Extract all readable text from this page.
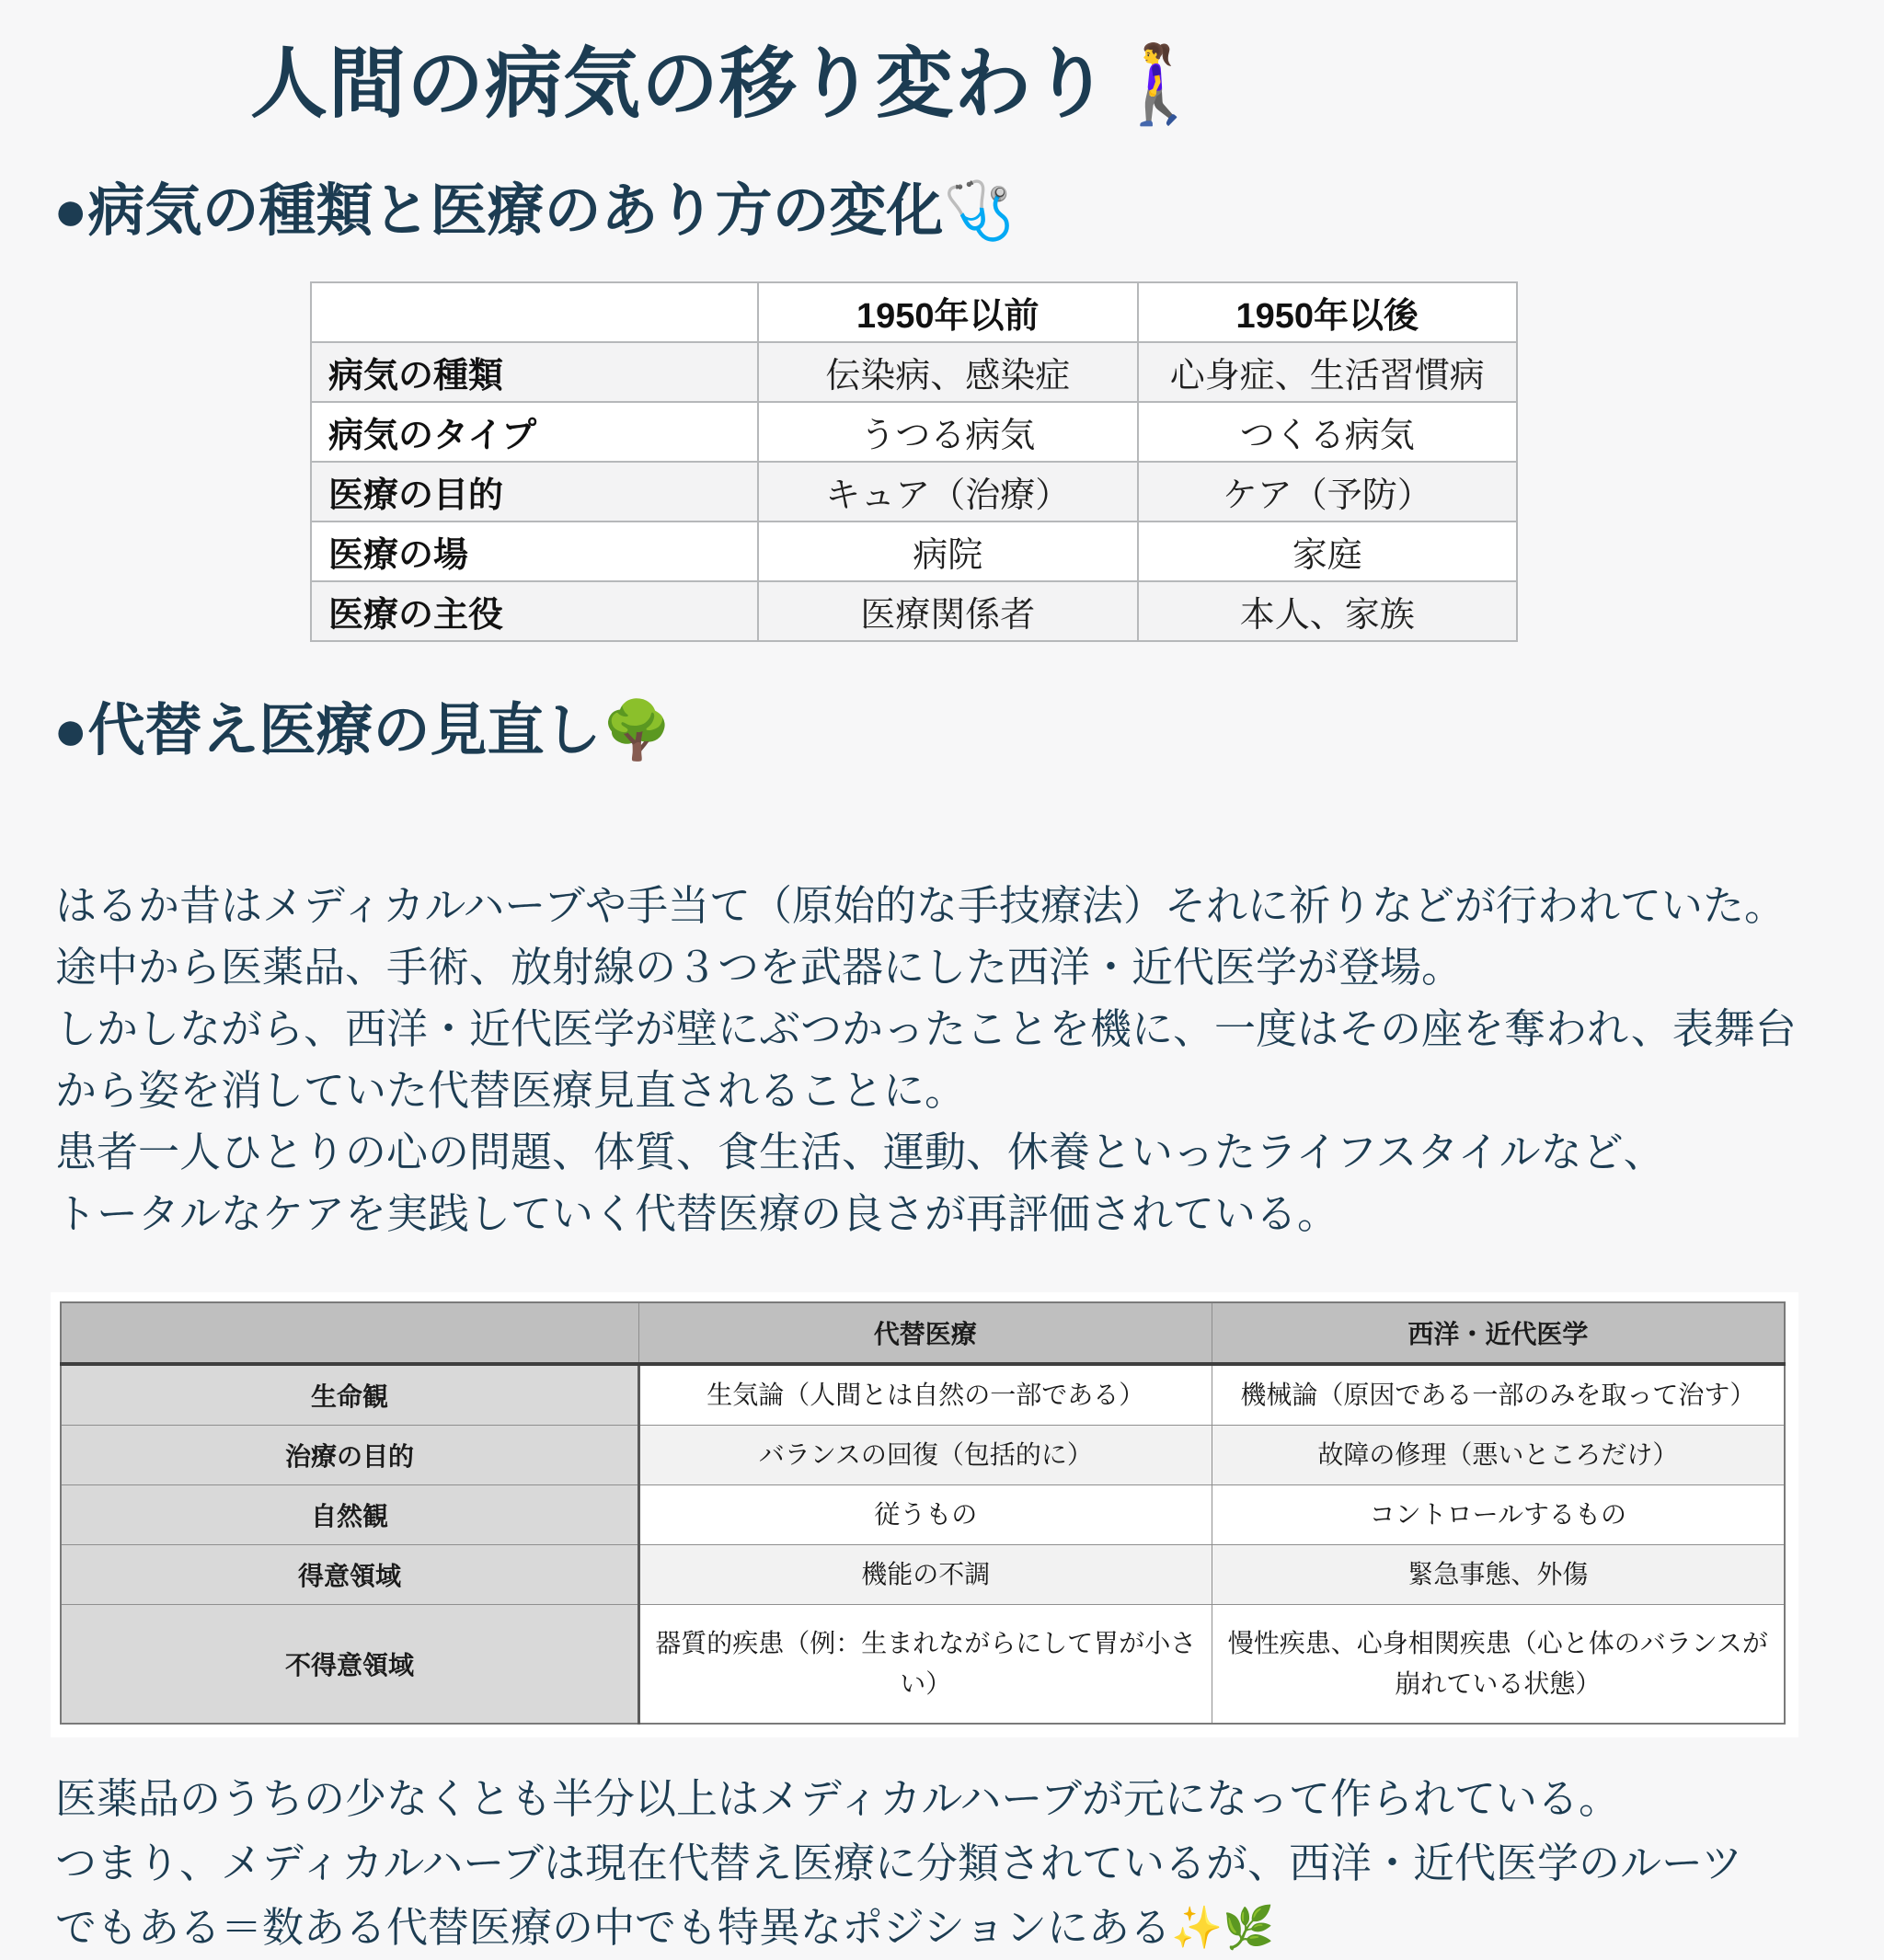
人間の病気の移り変わり🚶‍♀️
●病気の種類と医療のあり方の変化🩺
	1950年以前	1950年以後
病気の種類	伝染病、感染症	心身症、生活習慣病
病気のタイプ	うつる病気	つくる病気
医療の目的	キュア（治療）	ケア（予防）
医療の場	病院	家庭
医療の主役	医療関係者	本人、家族
●代替え医療の見直し🌳
はるか昔はメディカルハーブや手当て（原始的な手技療法）それに祈りなどが行われていた。
途中から医薬品、手術、放射線の３つを武器にした西洋・近代医学が登場。
しかしながら、西洋・近代医学が壁にぶつかったことを機に、一度はその座を奪われ、表舞台
から姿を消していた代替医療見直されることに。
患者一人ひとりの心の問題、体質、食生活、運動、休養といったライフスタイルなど、
トータルなケアを実践していく代替医療の良さが再評価されている。
	代替医療	西洋・近代医学
生命観	生気論（人間とは自然の一部である）	機械論（原因である一部のみを取って治す）
治療の目的	バランスの回復（包括的に）	故障の修理（悪いところだけ）
自然観	従うもの	コントロールするもの
得意領域	機能の不調	緊急事態、外傷
不得意領域	器質的疾患（例：生まれながらにして胃が小さい）	慢性疾患、心身相関疾患（心と体のバランスが崩れている状態）
医薬品のうちの少なくとも半分以上はメディカルハーブが元になって作られている。
つまり、メディカルハーブは現在代替え医療に分類されているが、西洋・近代医学のルーツ
でもある＝数ある代替医療の中でも特異なポジションにある✨🌿
